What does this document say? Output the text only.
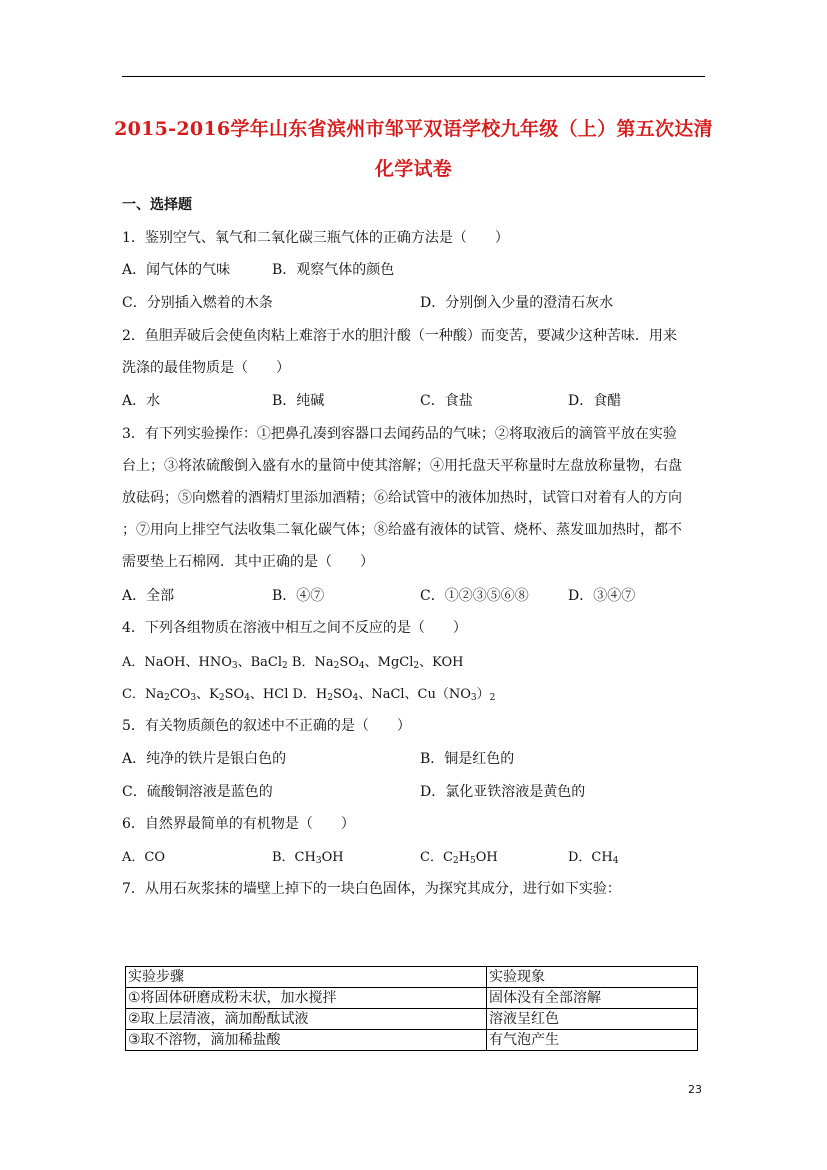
2015-2016学年山东省滨州市邹平双语学校九年级（上）第五次达清
化学试卷
一、选择题
1．鉴别空气、氧气和二氧化碳三瓶气体的正确方法是（　　）
A．闻气体的气味	B．观察气体的颜色
C．分别插入燃着的木条	D．分别倒入少量的澄清石灰水
2．鱼胆弄破后会使鱼肉粘上难溶于水的胆汁酸（一种酸）而变苦，要减少这种苦味．用来
洗涤的最佳物质是（　　）
A．水	B．纯碱	C．食盐	D．食醋
3．有下列实验操作：①把鼻孔凑到容器口去闻药品的气味；②将取液后的滴管平放在实验
台上；③将浓硫酸倒入盛有水的量筒中使其溶解；④用托盘天平称量时左盘放称量物，右盘
放砝码；⑤向燃着的酒精灯里添加酒精；⑥给试管中的液体加热时，试管口对着有人的方向
；⑦用向上排空气法收集二氧化碳气体；⑧给盛有液体的试管、烧杯、蒸发皿加热时，都不
需要垫上石棉网．其中正确的是（　　）
A．全部	B．④⑦	C．①②③⑤⑥⑧	D．③④⑦
4．下列各组物质在溶液中相互之间不反应的是（　　）
A．NaOH、$HNO_3$、BaCl$_2$ B．$Na_2SO_4$、MgCl$_2$、KOH
C．$Na_2CO_3$、$K_2SO_4$、HCl D．$H_2SO_4$、NaCl、$Cu(NO_3)_2$
5．有关物质颜色的叙述中不正确的是（　　）
A．纯净的铁片是银白色的	B．铜是红色的
C．硫酸铜溶液是蓝色的	D．氯化亚铁溶液是黄色的
6．自然界最简单的有机物是（　　）
A．CO	B．$CH_3OH$	C．$C_2H_5OH$	D．$CH_4$
7．从用石灰浆抹的墙壁上掉下的一块白色固体，为探究其成分，进行如下实验：
实验步骤	实验现象
①将固体研磨成粉末状，加水搅拌	固体没有全部溶解
②取上层清液，滴加酚酞试液	溶液呈红色
③取不溶物，滴加稀盐酸	有气泡产生
23
